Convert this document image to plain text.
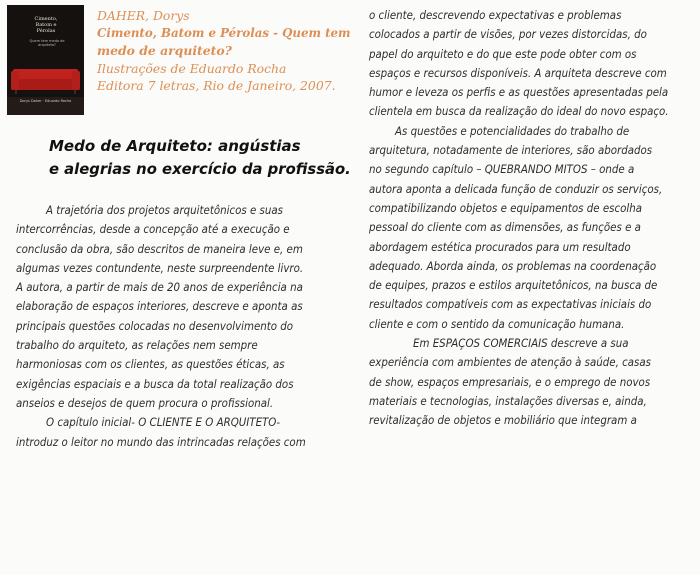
Cimento, Batom e Pérolas
Quem tem medo de arquiteto?
Dorys Daher · Eduardo Rocha
DAHER, Dorys
Cimento, Batom e Pérolas - Quem tem
medo de arquiteto?
Ilustrações de Eduardo Rocha
Editora 7 letras, Rio de Janeiro, 2007.
Medo de Arquiteto: angústias
e alegrias no exercício da profissão.
A trajetória dos projetos arquitetônicos e suas
intercorrências, desde a concepção até a execução e
conclusão da obra, são descritos de maneira leve e, em
algumas vezes contundente, neste surpreendente livro.
A autora, a partir de mais de 20 anos de experiência na
elaboração de espaços interiores, descreve e aponta as
principais questões colocadas no desenvolvimento do
trabalho do arquiteto, as relações nem sempre
harmoniosas com os clientes, as questões éticas, as
exigências espaciais e a busca da total realização dos
anseios e desejos de quem procura o profissional.
O capítulo inicial- O CLIENTE E O ARQUITETO-
introduz o leitor no mundo das intrincadas relações com
o cliente, descrevendo expectativas e problemas
colocados a partir de visões, por vezes distorcidas, do
papel do arquiteto e do que este pode obter com os
espaços e recursos disponíveis. A arquiteta descreve com
humor e leveza os perfis e as questões apresentadas pela
clientela em busca da realização do ideal do novo espaço.
As questões e potencialidades do trabalho de
arquitetura, notadamente de interiores, são abordados
no segundo capítulo – QUEBRANDO MITOS – onde a
autora aponta a delicada função de conduzir os serviços,
compatibilizando objetos e equipamentos de escolha
pessoal do cliente com as dimensões, as funções e a
abordagem estética procurados para um resultado
adequado. Aborda ainda, os problemas na coordenação
de equipes, prazos e estilos arquitetônicos, na busca de
resultados compatíveis com as expectativas iniciais do
cliente e com o sentido da comunicação humana.
Em ESPAÇOS COMERCIAIS descreve a sua
experiência com ambientes de atenção à saúde, casas
de show, espaços empresariais, e o emprego de novos
materiais e tecnologias, instalações diversas e, ainda,
revitalização de objetos e mobiliário que integram a
